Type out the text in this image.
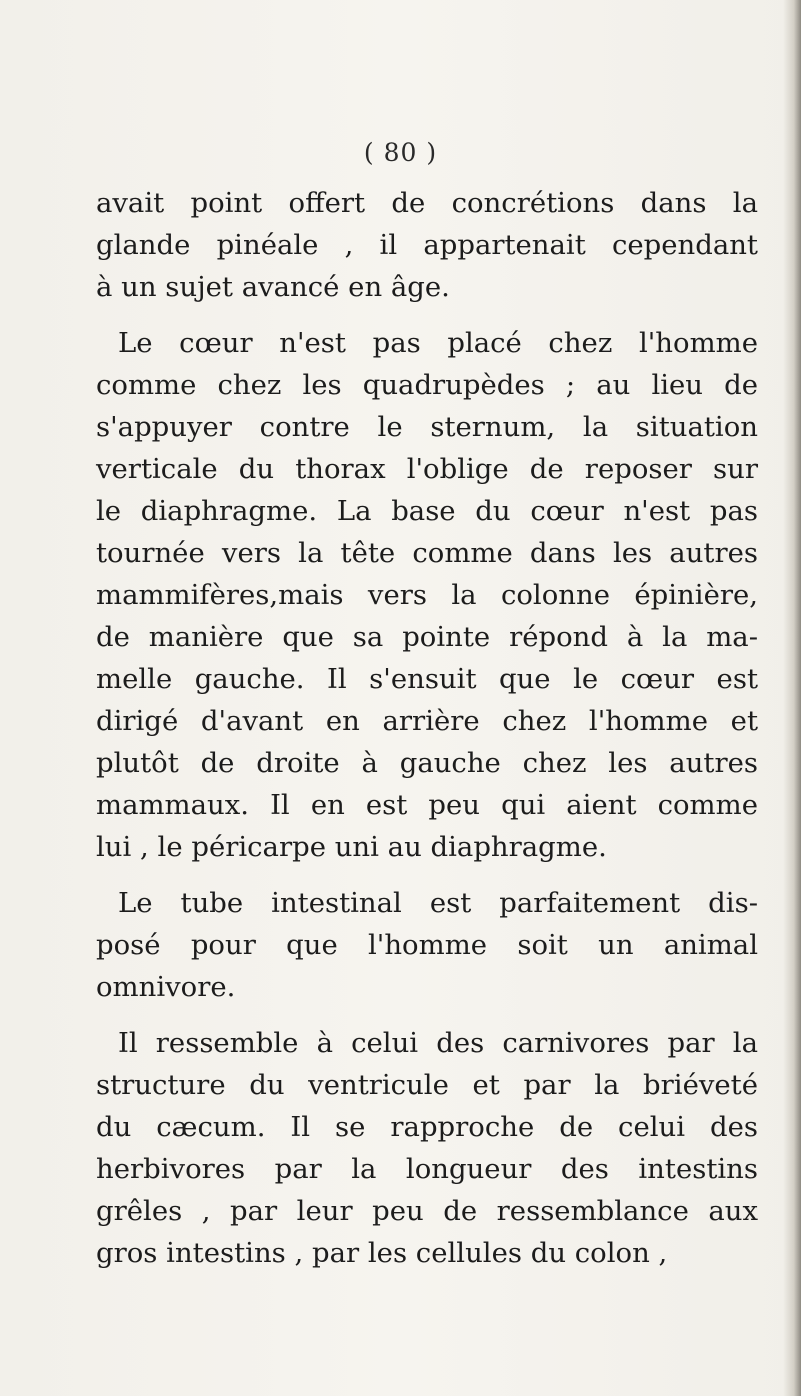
( 80 )
avait point offert de concrétions dans la
glande pinéale , il appartenait cependant
à un sujet avancé en âge.
Le cœur n'est pas placé chez l'homme
comme chez les quadrupèdes ; au lieu de
s'appuyer contre le sternum, la situation
verticale du thorax l'oblige de reposer sur
le diaphragme. La base du cœur n'est pas
tournée vers la tête comme dans les autres
mammifères,mais vers la colonne épinière,
de manière que sa pointe répond à la ma-
melle gauche. Il s'ensuit que le cœur est
dirigé d'avant en arrière chez l'homme et
plutôt de droite à gauche chez les autres
mammaux. Il en est peu qui aient comme
lui , le péricarpe uni au diaphragme.
Le tube intestinal est parfaitement dis-
posé pour que l'homme soit un animal
omnivore.
Il ressemble à celui des carnivores par la
structure du ventricule et par la briéveté
du cæcum. Il se rapproche de celui des
herbivores par la longueur des intestins
grêles , par leur peu de ressemblance aux
gros intestins , par les cellules du colon ,
